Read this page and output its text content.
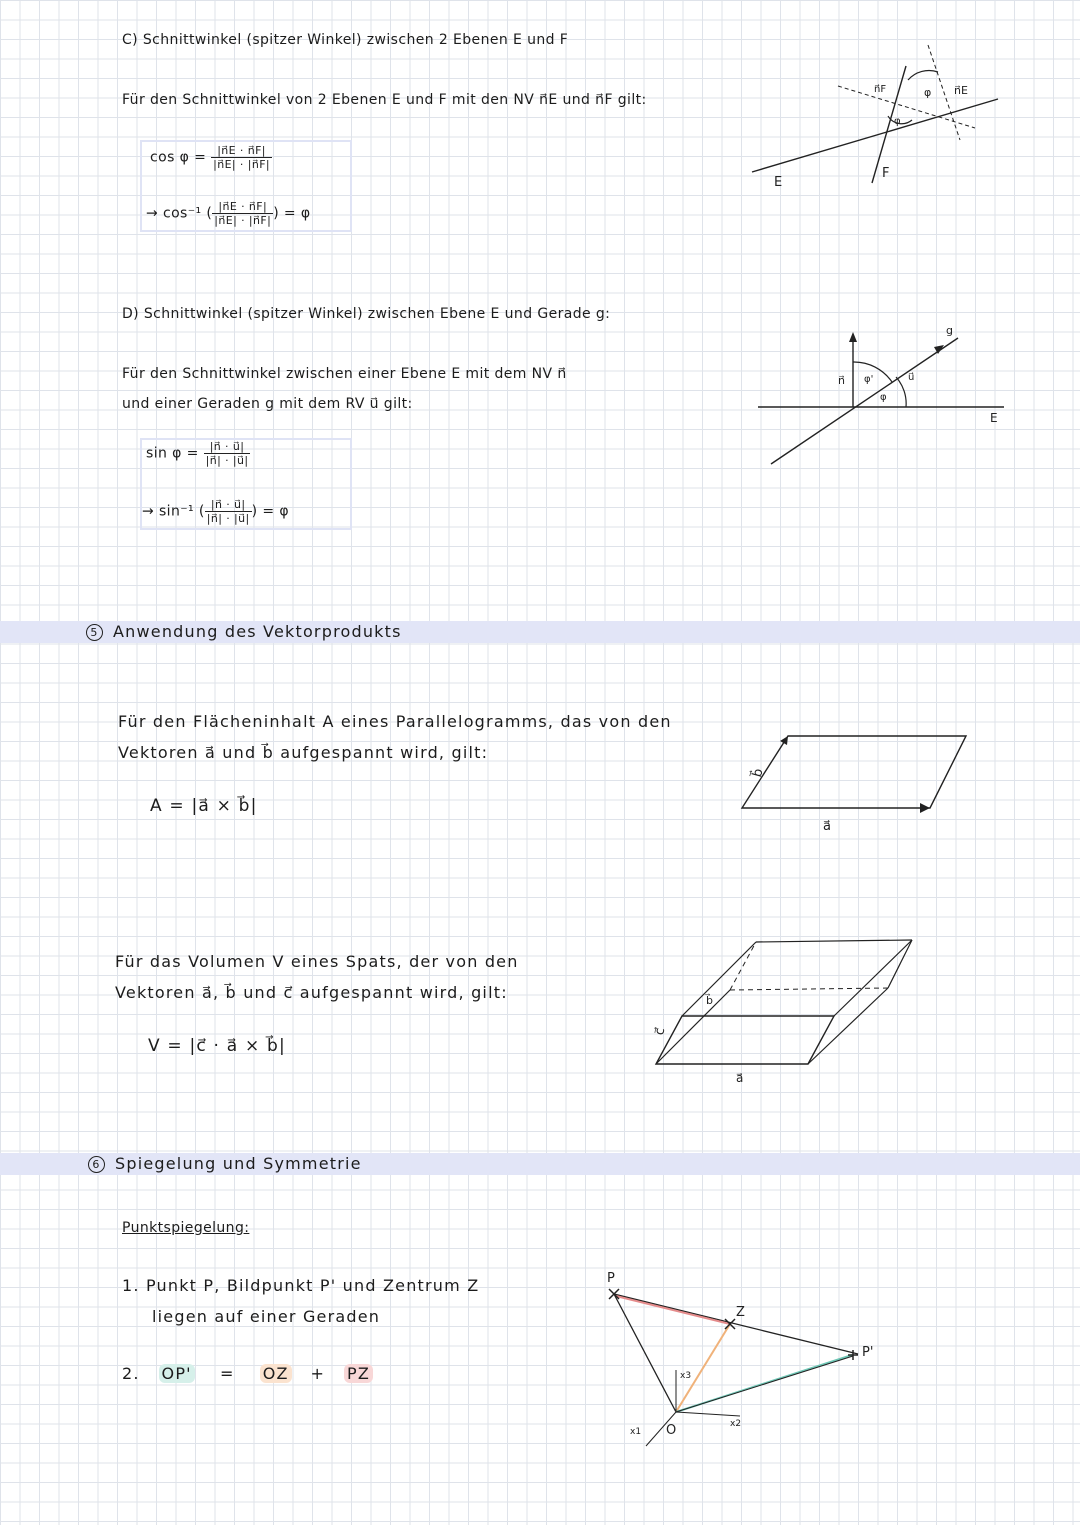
C) Schnittwinkel (spitzer Winkel) zwischen 2 Ebenen E und F
Für den Schnittwinkel von 2 Ebenen E und F mit den NV n⃗E und n⃗F gilt:
$\cos \varphi = \frac{|n⃗E \cdot n⃗F|}{|n⃗E| \cdot |n⃗F|}$
→ cos⁻¹ ( $\frac{|n⃗E \cdot n⃗F|}{|n⃗E| \cdot |n⃗F|}$ ) = φ
n⃗F	n⃗E
φ
φ
E
F
D) Schnittwinkel (spitzer Winkel) zwischen Ebene E und Gerade g:
Für den Schnittwinkel zwischen einer Ebene E mit dem NV n⃗
und einer Geraden g mit dem RV u⃗ gilt:
$\sin \varphi = \frac{|n⃗ \cdot u⃗|}{|n⃗| \cdot |u⃗|}$
→ sin⁻¹ ( $\frac{|n⃗ \cdot u⃗|}{|n⃗| \cdot |u⃗|}$ ) = φ
g
n⃗ φ'	u⃗
φ
E
5 Anwendung des Vektorprodukts
Für den Flächeninhalt A eines Parallelogramms, das von den
Vektoren a⃗ und b⃗ aufgespannt wird, gilt:
A = |a⃗ × b⃗|
a⃗
b⃗
Für das Volumen V eines Spats, der von den
Vektoren a⃗, b⃗ und c⃗ aufgespannt wird, gilt:
V = |c⃗ · a⃗ × b⃗|
a⃗
b⃗
c⃗
6 Spiegelung und Symmetrie
Punktspiegelung:
1. Punkt P, Bildpunkt P' und Zentrum Z
liegen auf einer Geraden
2. OP' = OZ + PZ
P
Z
P'
O
x1
x2
x3
